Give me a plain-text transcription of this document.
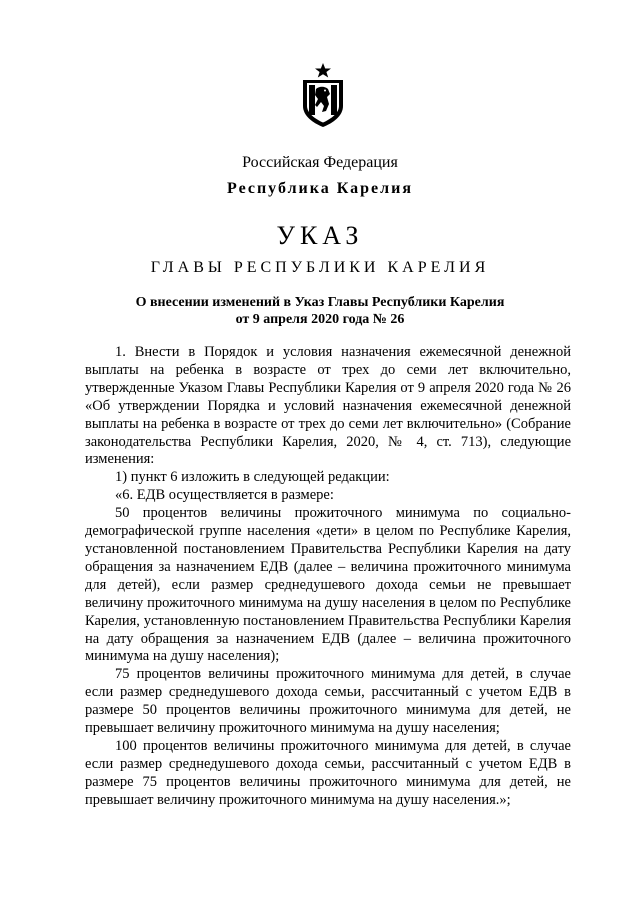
Российская Федерация
Республика Карелия
УКАЗ
ГЛАВЫ РЕСПУБЛИКИ КАРЕЛИЯ
О внесении изменений в Указ Главы Республики Карелия
от 9 апреля 2020 года № 26

1. Внести в Порядок и условия назначения ежемесячной денежной выплаты на ребенка в возрасте от трех до семи лет включительно, утвержденные Указом Главы Республики Карелия от 9 апреля 2020 года № 26 «Об утверждении Порядка и условий назначения ежемесячной денежной выплаты на ребенка в возрасте от трех до семи лет включительно» (Собрание законодательства Республики Карелия, 2020, № 4, ст. 713), следующие изменения:

1) пункт 6 изложить в следующей редакции:

«6. ЕДВ осуществляется в размере:

50 процентов величины прожиточного минимума по социально-демографической группе населения «дети» в целом по Республике Карелия, установленной постановлением Правительства Республики Карелия на дату обращения за назначением ЕДВ (далее – величина прожиточного минимума для детей), если размер среднедушевого дохода семьи не превышает величину прожиточного минимума на душу населения в целом по Республике Карелия, установленную постановлением Правительства Республики Карелия на дату обращения за назначением ЕДВ (далее – величина прожиточного минимума на душу населения);

75 процентов величины прожиточного минимума для детей, в случае если размер среднедушевого дохода семьи, рассчитанный с учетом ЕДВ в размере 50 процентов величины прожиточного минимума для детей, не превышает величину прожиточного минимума на душу населения;

100 процентов величины прожиточного минимума для детей, в случае если размер среднедушевого дохода семьи, рассчитанный с учетом ЕДВ в размере 75 процентов величины прожиточного минимума для детей, не превышает величину прожиточного минимума на душу населения.»;
